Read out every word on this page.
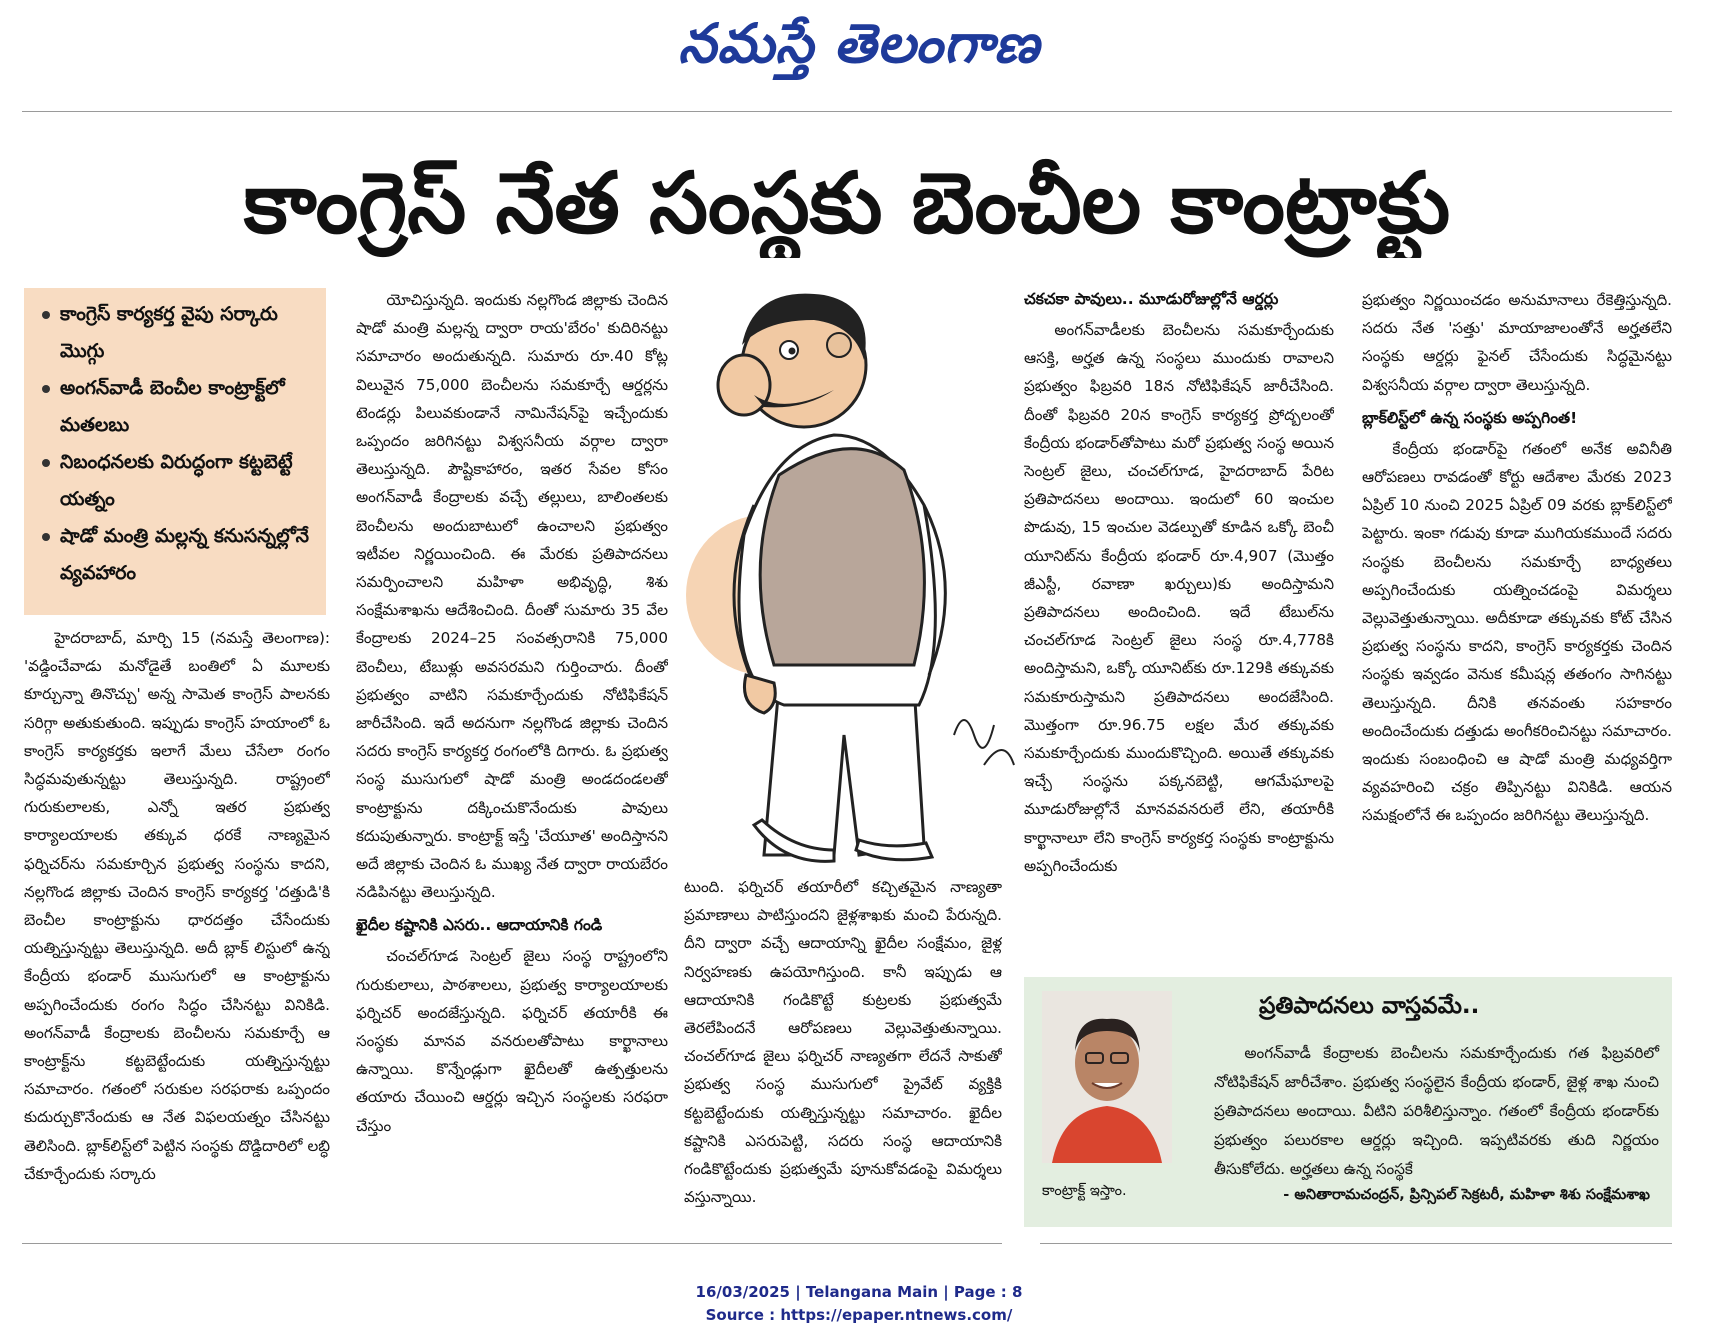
నమస్తే తెలంగాణ
కాంగ్రెస్ నేత సంస్థకు బెంచీల కాంట్రాక్టు
కాంగ్రెస్ కార్యకర్త వైపు సర్కారు మొగ్గు
అంగన్‌వాడీ బెంచీల కాంట్రాక్ట్‌లో మతలబు
నిబంధనలకు విరుద్ధంగా కట్టబెట్టే యత్నం
షాడో మంత్రి మల్లన్న కనుసన్నల్లోనే వ్యవహారం

హైదరాబాద్, మార్చి 15 (నమస్తే తెలంగాణ): 'వడ్డించేవాడు మనోడైతే బంతిలో ఏ మూలకు కూర్చున్నా తినొచ్చు' అన్న సామెత కాంగ్రెస్ పాలనకు సరిగ్గా అతుకుతుంది. ఇప్పుడు కాంగ్రెస్ హయాంలో ఓ కాంగ్రెస్ కార్యకర్తకు ఇలాగే మేలు చేసేలా రంగం సిద్ధమవుతున్నట్టు తెలుస్తున్నది. రాష్ట్రంలో గురుకులాలకు, ఎన్నో ఇతర ప్రభుత్వ కార్యాలయాలకు తక్కువ ధరకే నాణ్యమైన ఫర్నిచర్‌ను సమకూర్చిన ప్రభుత్వ సంస్థను కాదని, నల్లగొండ జిల్లాకు చెందిన కాంగ్రెస్ కార్యకర్త 'దత్తుడి'కి బెంచీల కాంట్రాక్టును ధారదత్తం చేసేందుకు యత్నిస్తున్నట్టు తెలుస్తున్నది. అదీ బ్లాక్ లిస్టులో ఉన్న కేంద్రీయ భండార్ ముసుగులో ఆ కాంట్రాక్టును అప్పగించేందుకు రంగం సిద్ధం చేసినట్టు వినికిడి. అంగన్‌వాడీ కేంద్రాలకు బెంచీలను సమకూర్చే ఆ కాంట్రాక్ట్‌ను కట్టబెట్టేందుకు యత్నిస్తున్నట్టు సమాచారం. గతంలో సరుకుల సరఫరాకు ఒప్పందం కుదుర్చుకొనేందుకు ఆ నేత విఫలయత్నం చేసినట్టు తెలిసింది. బ్లాక్‌లిస్ట్‌లో పెట్టిన సంస్థకు దొడ్డిదారిలో లబ్ధి చేకూర్చేందుకు సర్కారు

యోచిస్తున్నది. ఇందుకు నల్లగొండ జిల్లాకు చెందిన షాడో మంత్రి మల్లన్న ద్వారా రాయ'బేరం' కుదిరినట్టు సమాచారం అందుతున్నది. సుమారు రూ.40 కోట్ల విలువైన 75,000 బెంచీలను సమకూర్చే ఆర్డర్లను టెండర్లు పిలువకుండానే నామినేషన్‌పై ఇచ్చేందుకు ఒప్పందం జరిగినట్టు విశ్వసనీయ వర్గాల ద్వారా తెలుస్తున్నది. పౌష్టికాహారం, ఇతర సేవల కోసం అంగన్‌వాడీ కేంద్రాలకు వచ్చే తల్లులు, బాలింతలకు బెంచీలను అందుబాటులో ఉంచాలని ప్రభుత్వం ఇటీవల నిర్ణయించింది. ఈ మేరకు ప్రతిపాదనలు సమర్పించాలని మహిళా అభివృద్ధి, శిశు సంక్షేమశాఖను ఆదేశించింది. దీంతో సుమారు 35 వేల కేంద్రాలకు 2024–25 సంవత్సరానికి 75,000 బెంచీలు, టేబుళ్లు అవసరమని గుర్తించారు. దీంతో ప్రభుత్వం వాటిని సమకూర్చేందుకు నోటిఫికేషన్ జారీచేసింది. ఇదే అదనుగా నల్లగొండ జిల్లాకు చెందిన సదరు కాంగ్రెస్ కార్యకర్త రంగంలోకి దిగారు. ఓ ప్రభుత్వ సంస్థ ముసుగులో షాడో మంత్రి అండదండలతో కాంట్రాక్టును దక్కించుకొనేందుకు పావులు కదుపుతున్నారు. కాంట్రాక్ట్ ఇస్తే 'చేయూత' అందిస్తానని అదే జిల్లాకు చెందిన ఓ ముఖ్య నేత ద్వారా రాయబేరం నడిపినట్టు తెలుస్తున్నది.

ఖైదీల కష్టానికి ఎసరు.. ఆదాయానికి గండి

చంచల్‌గూడ సెంట్రల్ జైలు సంస్థ రాష్ట్రంలోని గురుకులాలు, పాఠశాలలు, ప్రభుత్వ కార్యాలయాలకు ఫర్నిచర్ అందజేస్తున్నది. ఫర్నిచర్ తయారీకి ఈ సంస్థకు మానవ వనరులతోపాటు కార్ఖానాలు ఉన్నాయి. కొన్నేండ్లుగా ఖైదీలతో ఉత్పత్తులను తయారు చేయించి ఆర్డర్లు ఇచ్చిన సంస్థలకు సరఫరా చేస్తుం

టుంది. ఫర్నిచర్ తయారీలో కచ్చితమైన నాణ్యతా ప్రమాణాలు పాటిస్తుందని జైళ్లశాఖకు మంచి పేరున్నది. దీని ద్వారా వచ్చే ఆదాయాన్ని ఖైదీల సంక్షేమం, జైళ్ల నిర్వహణకు ఉపయోగిస్తుంది. కానీ ఇప్పుడు ఆ ఆదాయానికి గండికొట్టే కుట్రలకు ప్రభుత్వమే తెరలేపిందనే ఆరోపణలు వెల్లువెత్తుతున్నాయి. చంచల్‌గూడ జైలు ఫర్నిచర్ నాణ్యతగా లేదనే సాకుతో ప్రభుత్వ సంస్థ ముసుగులో ప్రైవేట్ వ్యక్తికి కట్టబెట్టేందుకు యత్నిస్తున్నట్టు సమాచారం. ఖైదీల కష్టానికి ఎసరుపెట్టి, సదరు సంస్థ ఆదాయానికి గండికొట్టేందుకు ప్రభుత్వమే పూనుకోవడంపై విమర్శలు వస్తున్నాయి.

చకచకా పావులు.. మూడురోజుల్లోనే ఆర్డర్లు

అంగన్‌వాడీలకు బెంచీలను సమకూర్చేందుకు ఆసక్తి, అర్హత ఉన్న సంస్థలు ముందుకు రావాలని ప్రభుత్వం ఫిబ్రవరి 18న నోటిఫికేషన్ జారీచేసింది. దీంతో ఫిబ్రవరి 20న కాంగ్రెస్ కార్యకర్త ప్రోద్బలంతో కేంద్రీయ భండార్‌తోపాటు మరో ప్రభుత్వ సంస్థ అయిన సెంట్రల్ జైలు, చంచల్‌గూడ, హైదరాబాద్ పేరిట ప్రతిపాదనలు అందాయి. ఇందులో 60 ఇంచుల పొడువు, 15 ఇంచుల వెడల్పుతో కూడిన ఒక్కో బెంచీ యూనిట్‌ను కేంద్రీయ భండార్ రూ.4,907 (మొత్తం జీఎస్టీ, రవాణా ఖర్చులు)కు అందిస్తామని ప్రతిపాదనలు అందించింది. ఇదే టేబుల్‌ను చంచల్‌గూడ సెంట్రల్ జైలు సంస్థ రూ.4,778కి అందిస్తామని, ఒక్కో యూనిట్‌కు రూ.129కి తక్కువకు సమకూరుస్తామని ప్రతిపాదనలు అందజేసింది. మొత్తంగా రూ.96.75 లక్షల మేర తక్కువకు సమకూర్చేందుకు ముందుకొచ్చింది. అయితే తక్కువకు ఇచ్చే సంస్థను పక్కనబెట్టి, ఆగమేఘాలపై మూడురోజుల్లోనే మానవవనరులే లేని, తయారీకి కార్ఖానాలూ లేని కాంగ్రెస్ కార్యకర్త సంస్థకు కాంట్రాక్టును అప్పగించేందుకు

ప్రభుత్వం నిర్ణయించడం అనుమానాలు రేకెత్తిస్తున్నది. సదరు నేత 'సత్తు' మాయాజాలంతోనే అర్హతలేని సంస్థకు ఆర్డర్లు ఫైనల్ చేసేందుకు సిద్ధమైనట్టు విశ్వసనీయ వర్గాల ద్వారా తెలుస్తున్నది.

బ్లాక్‌లిస్ట్‌లో ఉన్న సంస్థకు అప్పగింత!

కేంద్రీయ భండార్‌పై గతంలో అనేక అవినీతి ఆరోపణలు రావడంతో కోర్టు ఆదేశాల మేరకు 2023 ఏప్రిల్ 10 నుంచి 2025 ఏప్రిల్ 09 వరకు బ్లాక్‌లిస్ట్‌లో పెట్టారు. ఇంకా గడువు కూడా ముగియకముందే సదరు సంస్థకు బెంచీలను సమకూర్చే బాధ్యతలు అప్పగించేందుకు యత్నించడంపై విమర్శలు వెల్లువెత్తుతున్నాయి. అదీకూడా తక్కువకు కోట్ చేసిన ప్రభుత్వ సంస్థను కాదని, కాంగ్రెస్ కార్యకర్తకు చెందిన సంస్థకు ఇవ్వడం వెనుక కమీషన్ల తతంగం సాగినట్టు తెలుస్తున్నది. దీనికి తనవంతు సహకారం అందించేందుకు దత్తుడు అంగీకరించినట్టు సమాచారం. ఇందుకు సంబంధించి ఆ షాడో మంత్రి మధ్యవర్తిగా వ్యవహరించి చక్రం తిప్పినట్టు వినికిడి. ఆయన సమక్షంలోనే ఈ ఒప్పందం జరిగినట్టు తెలుస్తున్నది.

ప్రతిపాదనలు వాస్తవమే..

అంగన్‌వాడీ కేంద్రాలకు బెంచీలను సమకూర్చేందుకు గత ఫిబ్రవరిలో నోటిఫికేషన్ జారీచేశాం. ప్రభుత్వ సంస్థలైన కేంద్రీయ భండార్, జైళ్ల శాఖ నుంచి ప్రతిపాదనలు అందాయి. వీటిని పరిశీలిస్తున్నాం. గతంలో కేంద్రీయ భండార్‌కు ప్రభుత్వం పలురకాల ఆర్డర్లు ఇచ్చింది. ఇప్పటివరకు తుది నిర్ణయం తీసుకోలేదు. అర్హతలు ఉన్న సంస్థకే

కాంట్రాక్ట్ ఇస్తాం.	- అనితారామచంద్రన్, ప్రిన్సిపల్ సెక్రటరీ, మహిళా శిశు సంక్షేమశాఖ
16/03/2025 | Telangana Main | Page : 8
Source : https://epaper.ntnews.com/
